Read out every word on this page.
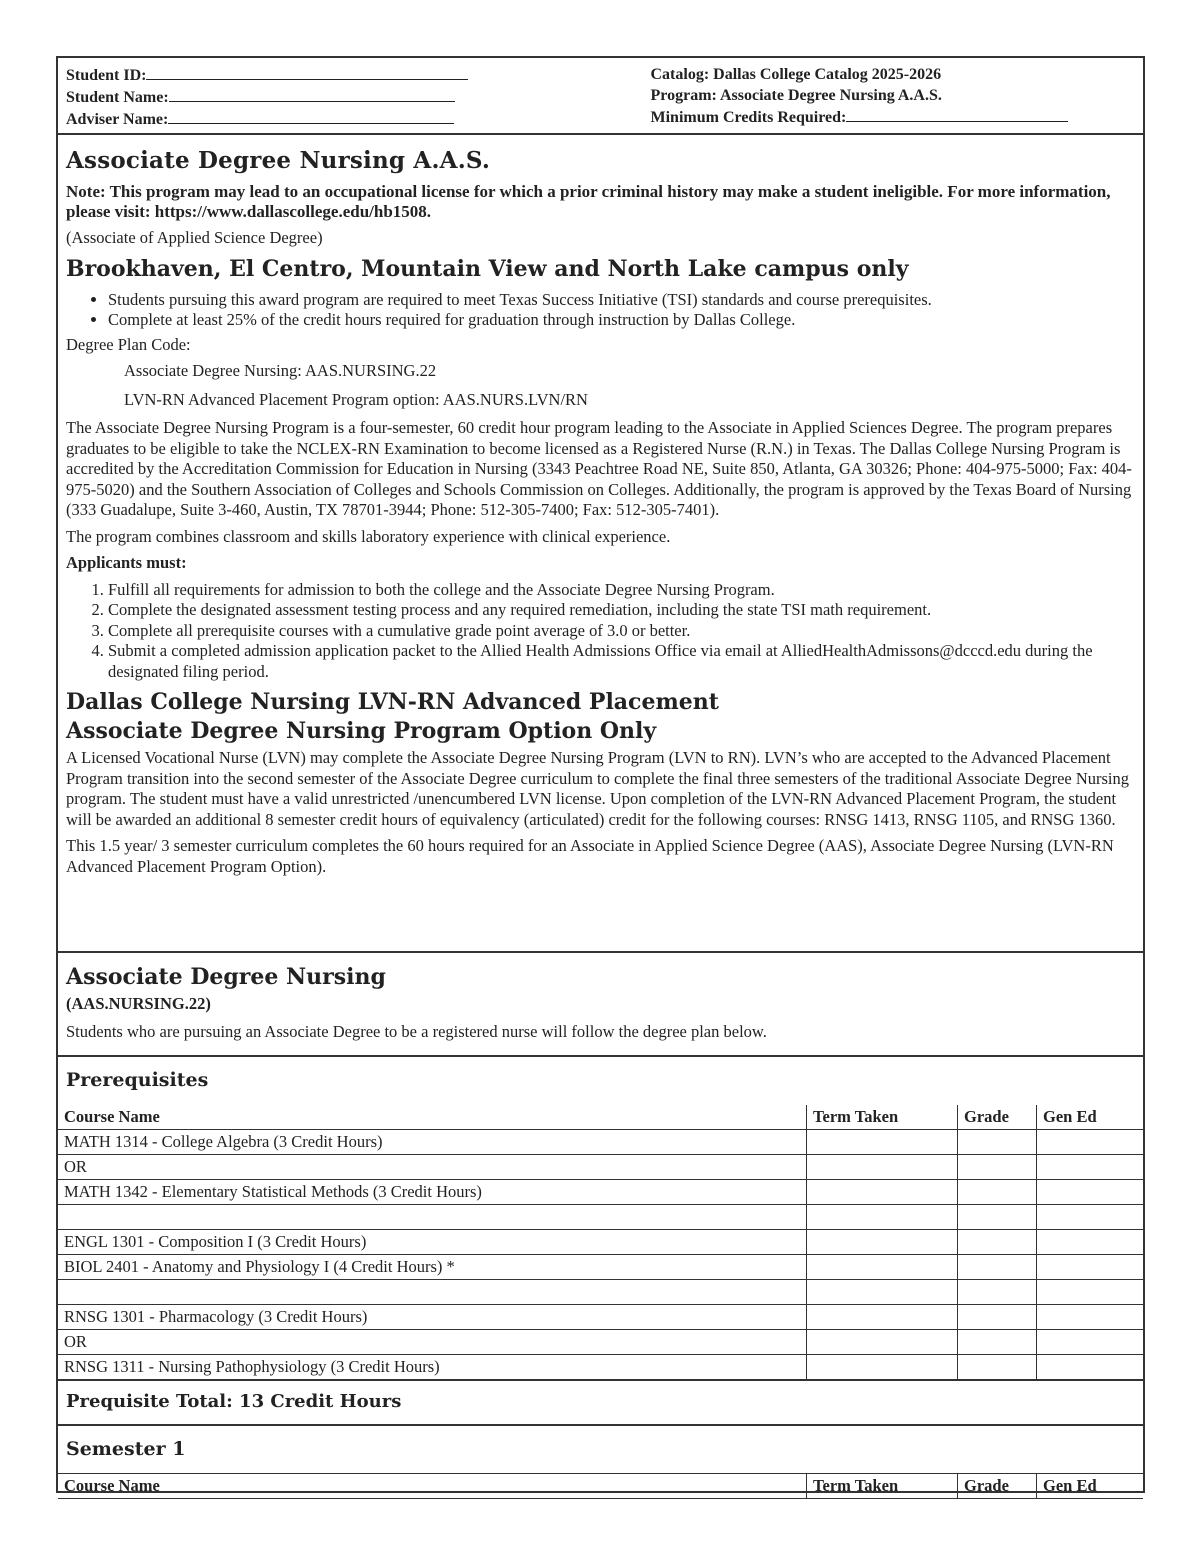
Student ID:
Student Name:
Adviser Name:
Catalog: Dallas College Catalog 2025-2026
Program: Associate Degree Nursing A.A.S.
Minimum Credits Required:
Associate Degree Nursing A.A.S.
Note: This program may lead to an occupational license for which a prior criminal history may make a student ineligible. For more information, please visit: https://www.dallascollege.edu/hb1508.

(Associate of Applied Science Degree)

Brookhaven, El Centro, Mountain View and North Lake campus only
• Students pursuing this award program are required to meet Texas Success Initiative (TSI) standards and course prerequisites.
• Complete at least 25% of the credit hours required for graduation through instruction by Dallas College.

Degree Plan Code:

Associate Degree Nursing: AAS.NURSING.22

LVN-RN Advanced Placement Program option: AAS.NURS.LVN/RN

The Associate Degree Nursing Program is a four-semester, 60 credit hour program leading to the Associate in Applied Sciences Degree. The program prepares graduates to be eligible to take the NCLEX-RN Examination to become licensed as a Registered Nurse (R.N.) in Texas. The Dallas College Nursing Program is accredited by the Accreditation Commission for Education in Nursing (3343 Peachtree Road NE, Suite 850, Atlanta, GA 30326; Phone: 404-975-5000; Fax: 404-975-5020) and the Southern Association of Colleges and Schools Commission on Colleges. Additionally, the program is approved by the Texas Board of Nursing (333 Guadalupe, Suite 3-460, Austin, TX 78701-3944; Phone: 512-305-7400; Fax: 512-305-7401).

The program combines classroom and skills laboratory experience with clinical experience.

Applicants must:

1. Fulfill all requirements for admission to both the college and the Associate Degree Nursing Program.
2. Complete the designated assessment testing process and any required remediation, including the state TSI math requirement.
3. Complete all prerequisite courses with a cumulative grade point average of 3.0 or better.
4. Submit a completed admission application packet to the Allied Health Admissions Office via email at AlliedHealthAdmissons@dcccd.edu during the designated filing period.
Dallas College Nursing LVN-RN Advanced Placement
Associate Degree Nursing Program Option Only

A Licensed Vocational Nurse (LVN) may complete the Associate Degree Nursing Program (LVN to RN). LVN’s who are accepted to the Advanced Placement Program transition into the second semester of the Associate Degree curriculum to complete the final three semesters of the traditional Associate Degree Nursing program. The student must have a valid unrestricted /unencumbered LVN license. Upon completion of the LVN-RN Advanced Placement Program, the student will be awarded an additional 8 semester credit hours of equivalency (articulated) credit for the following courses: RNSG 1413, RNSG 1105, and RNSG 1360.

This 1.5 year/ 3 semester curriculum completes the 60 hours required for an Associate in Applied Science Degree (AAS), Associate Degree Nursing (LVN-RN Advanced Placement Program Option).

Associate Degree Nursing
(AAS.NURSING.22)

Students who are pursuing an Associate Degree to be a registered nurse will follow the degree plan below.

Prerequisites
Course Name	Term Taken	Grade	Gen Ed
MATH 1314 - College Algebra (3 Credit Hours)			
OR			
MATH 1342 - Elementary Statistical Methods (3 Credit Hours)			

ENGL 1301 - Composition I (3 Credit Hours)			
BIOL 2401 - Anatomy and Physiology I (4 Credit Hours) *			

RNSG 1301 - Pharmacology (3 Credit Hours)			
OR			
RNSG 1311 - Nursing Pathophysiology (3 Credit Hours)			
Prequisite Total: 13 Credit Hours
Semester 1
Course Name	Term Taken	Grade	Gen Ed
